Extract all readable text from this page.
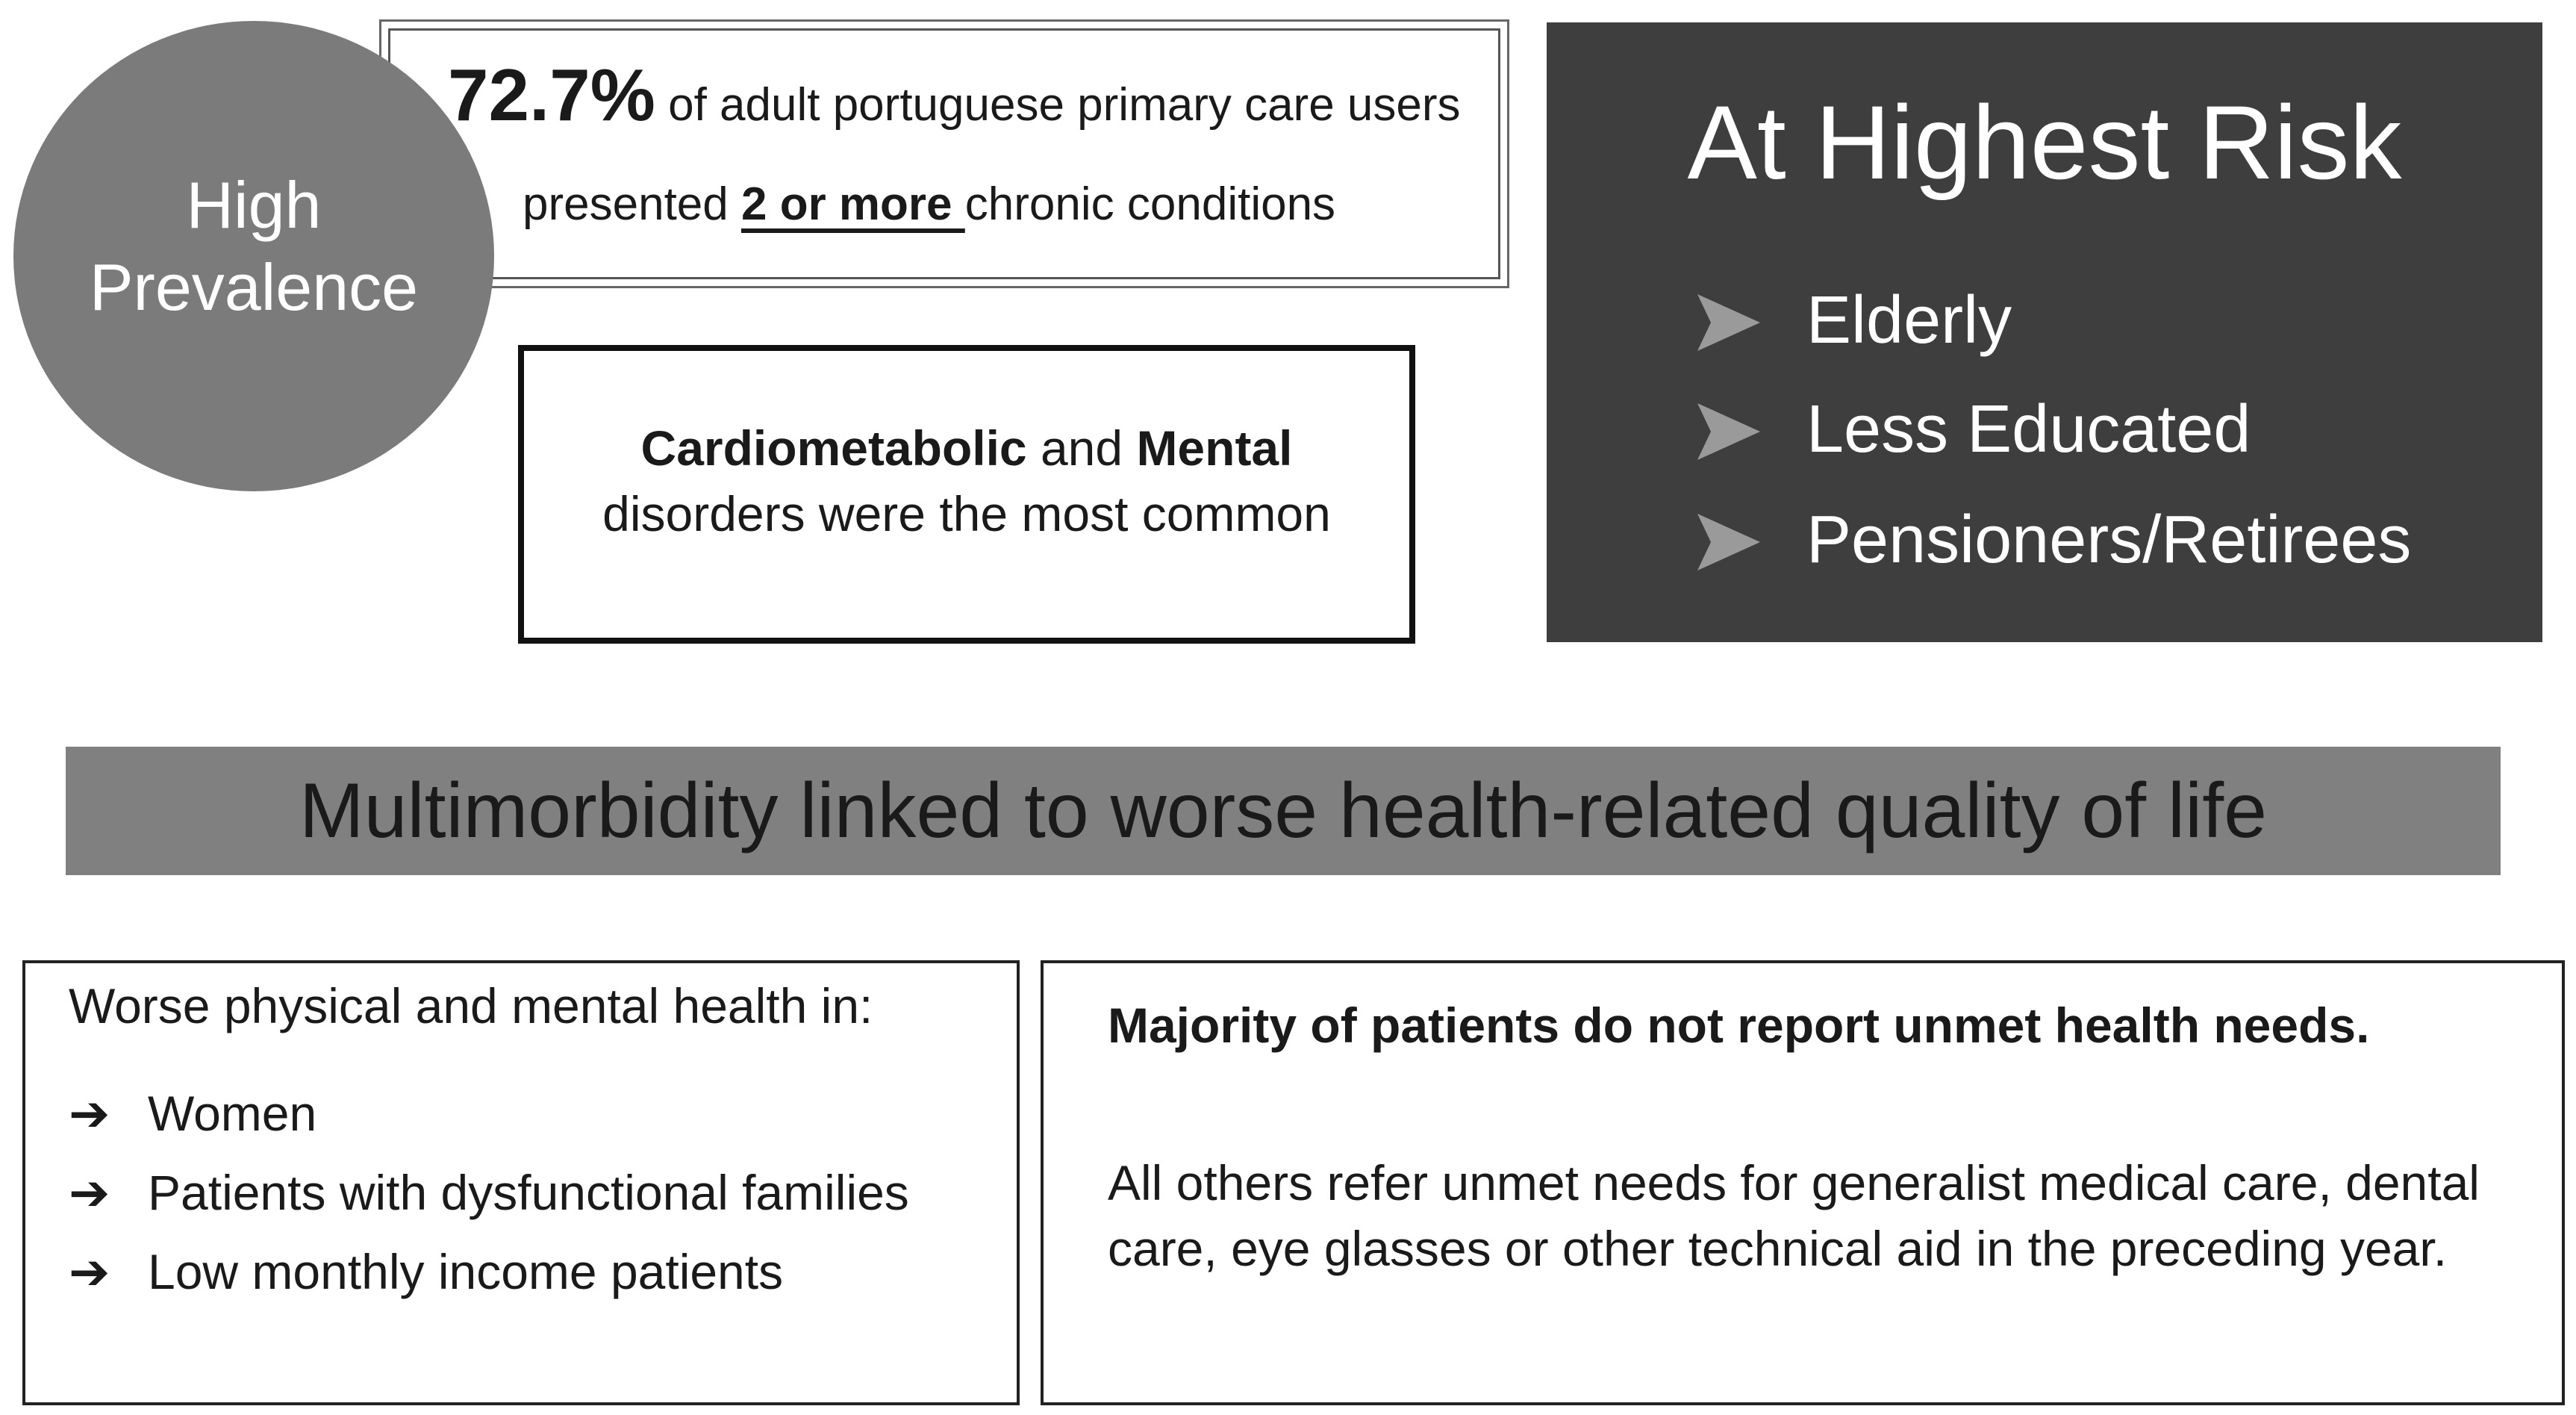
High
Prevalence
72.7% of adult portuguese primary care users
presented 2 or more chronic conditions
Cardiometabolic and Mental
disorders were the most common
At Highest Risk
Elderly
Less Educated
Pensioners/Retirees
Multimorbidity linked to worse health-related quality of life
Worse physical and mental health in:
➔ Women
➔ Patients with dysfunctional families
➔ Low monthly income patients
Majority of patients do not report unmet health needs.
All others refer unmet needs for generalist medical care, dental care, eye glasses or other technical aid in the preceding year.
